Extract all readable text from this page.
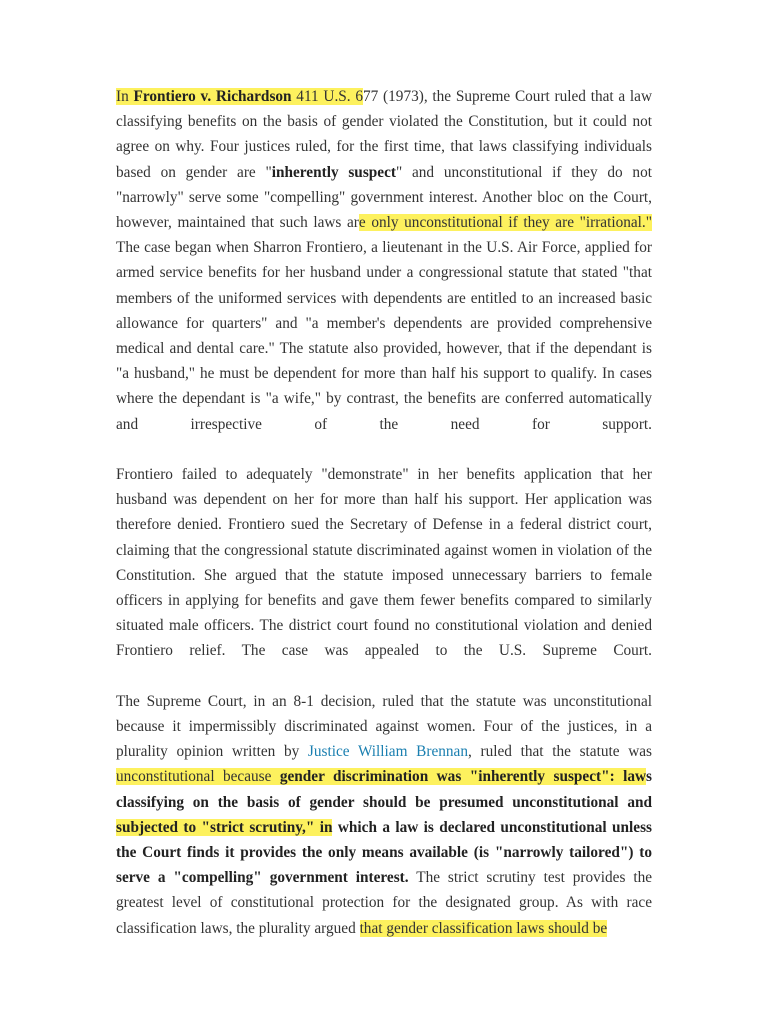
In Frontiero v. Richardson 411 U.S. 677 (1973), the Supreme Court ruled that a law classifying benefits on the basis of gender violated the Constitution, but it could not agree on why. Four justices ruled, for the first time, that laws classifying individuals based on gender are "inherently suspect" and unconstitutional if they do not "narrowly" serve some "compelling" government interest. Another bloc on the Court, however, maintained that such laws are only unconstitutional if they are "irrational." The case began when Sharron Frontiero, a lieutenant in the U.S. Air Force, applied for armed service benefits for her husband under a congressional statute that stated "that members of the uniformed services with dependents are entitled to an increased basic allowance for quarters" and "a member's dependents are provided comprehensive medical and dental care." The statute also provided, however, that if the dependant is "a husband," he must be dependent for more than half his support to qualify. In cases where the dependant is "a wife," by contrast, the benefits are conferred automatically and irrespective of the need for support.

Frontiero failed to adequately "demonstrate" in her benefits application that her husband was dependent on her for more than half his support. Her application was therefore denied. Frontiero sued the Secretary of Defense in a federal district court, claiming that the congressional statute discriminated against women in violation of the Constitution. She argued that the statute imposed unnecessary barriers to female officers in applying for benefits and gave them fewer benefits compared to similarly situated male officers. The district court found no constitutional violation and denied Frontiero relief. The case was appealed to the U.S. Supreme Court.

The Supreme Court, in an 8-1 decision, ruled that the statute was unconstitutional because it impermissibly discriminated against women. Four of the justices, in a plurality opinion written by Justice William Brennan, ruled that the statute was unconstitutional because gender discrimination was "inherently suspect": laws classifying on the basis of gender should be presumed unconstitutional and subjected to "strict scrutiny," in which a law is declared unconstitutional unless the Court finds it provides the only means available (is "narrowly tailored") to serve a "compelling" government interest. The strict scrutiny test provides the greatest level of constitutional protection for the designated group. As with race classification laws, the plurality argued that gender classification laws should be
